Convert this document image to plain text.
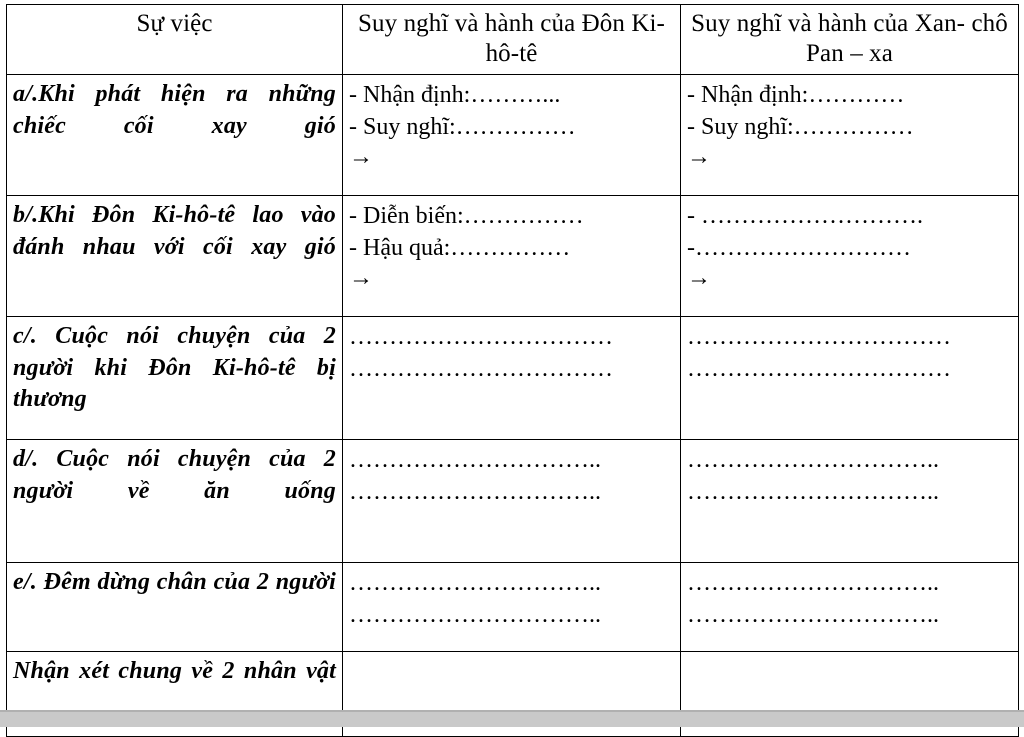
Sự việc	Suy nghĩ và hành của Đôn Ki-hô-tê	Suy nghĩ và hành của Xan- chô Pan – xa
a/.Khi phát hiện ra những chiếc cối xay gió	- Nhận định:………...
- Suy nghĩ:……………
→	- Nhận định:…………
- Suy nghĩ:……………
→

b/.Khi Đôn Ki-hô-tê lao vào đánh nhau với cối xay gió	- Diễn biến:……………
- Hậu quả:……………
→	- ……………………….
-………………………
→

c/. Cuộc nói chuyện của 2 người khi Đôn Ki-hô-tê bị thương	……………………………
……………………………	……………………………
……………………………

d/. Cuộc nói chuyện của 2 người về ăn uống	…………………………..
…………………………..	…………………………..
…………………………..

e/. Đêm dừng chân của 2 người	…………………………..
…………………………..	…………………………..
…………………………..

Nhận xét chung về 2 nhân vật		
